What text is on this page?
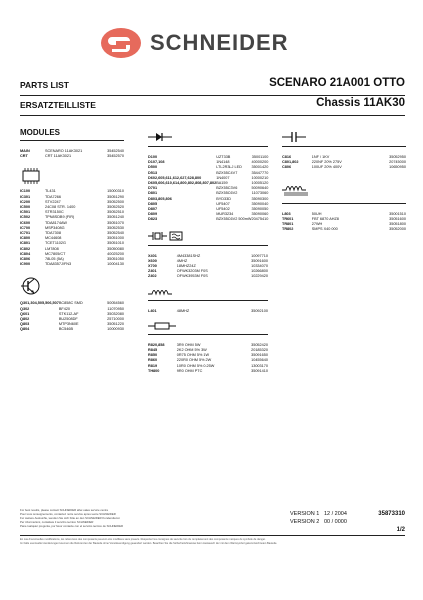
SCHNEIDER
PARTS LIST	SCENARO 21A001 OTTO
ERSATZTEILLISTE	Chassis 11AK30
MODULES
MAIN	SCENARO 11AK3021	35452540
CRT	CRT 11AK3021	35452570
IC100	TL431	15000310
IC301	TDA7266	35051290
IC200	STV2247	35052500
IC500	24C08 STR. 1400	35052520
IC501	STR3150C	35052510
IC502	TPN8SDB9 (FIR)	35051240
IC600	TDA8174AW	35051070
IC700	MSP3408G	35052530
IC701	TDA7308	35052540
IC800	MC44608	35051000
IC801	TCET1102G	35051010
IC802	LM7808	35050080
IC804	MC7805/CT	40025200
IC806	78L05 (5A)	35051050
IC900	TDA8357J/FN3	10004130
Q301,304,505,506,507	BC858C SMD	50054560
Q302	BF420	11070950
Q601	STK112-AF	35032080
Q802	BU2508DF	25710000
Q803	MTP3N60E	35051220
Q804	BC546B	10000930
D100	UZT33B	35001100
D107,108	1N4148	40000200
D500	LTL2R3LJ LED	35001420
D513	BZX55C4V7	35447770
D602,605,611,612,627,628,800	1N4007	10000210
D605,606,610,614,800,802,808,807,802	BA159	10005120
D701	BZX55C3V6	50090640
D801	BZX55C6V2	11073060
D803,805,806	BYD33D	35090300
D805	UF5407	35090040
D807	UF5402	35090050
D809	MUR3234	35090060
D823	BZX55C6V2 500mW	20475410
X401	4M43381SHZ	10097710
X600	4MHZ	35091600
X700	18MHZ24Z	10334070
Z401	OFWK3203M F0S	10266800
Z402	OFWK3953M F0S	10229420
L401	48MHZ	35092100
R820,858	3R9 OHM 5W	35052420
R845	2K2 OHM 5% 3W	20185320
R850	0R75 OHM 5% 1W	35091650
R860	220R0 OHM 5% 2W	10455640
R819	10R0 OHM 5% 0.25W	13003170
TH800	9R0 OHM PTC	35091410
C816	1NF / 1KV	35052950
C801,802	220NF 20% 275V	20745000
C806	100UF 20% 400V	10650950
L803	50UH	35001510
TR601	FBT 6870 AHZ8	35051600
TR801	27WH	35051800
TR802	SMPS X40 000	35052000
For best results, please contact SCHNEIDER after-sales service centre
Pour tous renseignements, contactez notre service apres-vente SCHNEIDER
Fur weitere Auskunfte, wenden Sie sich bitte an den SCHNEIDER Kundendienst
Per informazioni, contattare il servizio tecnico SCHNEIDER
Para cualquier pregunta, por favor contacte con el servicio tecnico de SCHNEIDER
VERSION 1 12 / 2004
VERSION 2 00 / 0000
35873310
1/2
En cas d'eventuelles modifications, les references des composants peuvent etre modifiees sans preavis. Respectez les consignes de securite lors du remplacement des composants marques du symbole de danger.
Im Falle eventueller Aenderungen koennen die Referenzen der Bauteile ohne Vorankuendigung geaendert werden. Beachten Sie die Sicherheitshinweise beim Austausch der mit dem Warnsymbol gekennzeichneten Bauteile.
